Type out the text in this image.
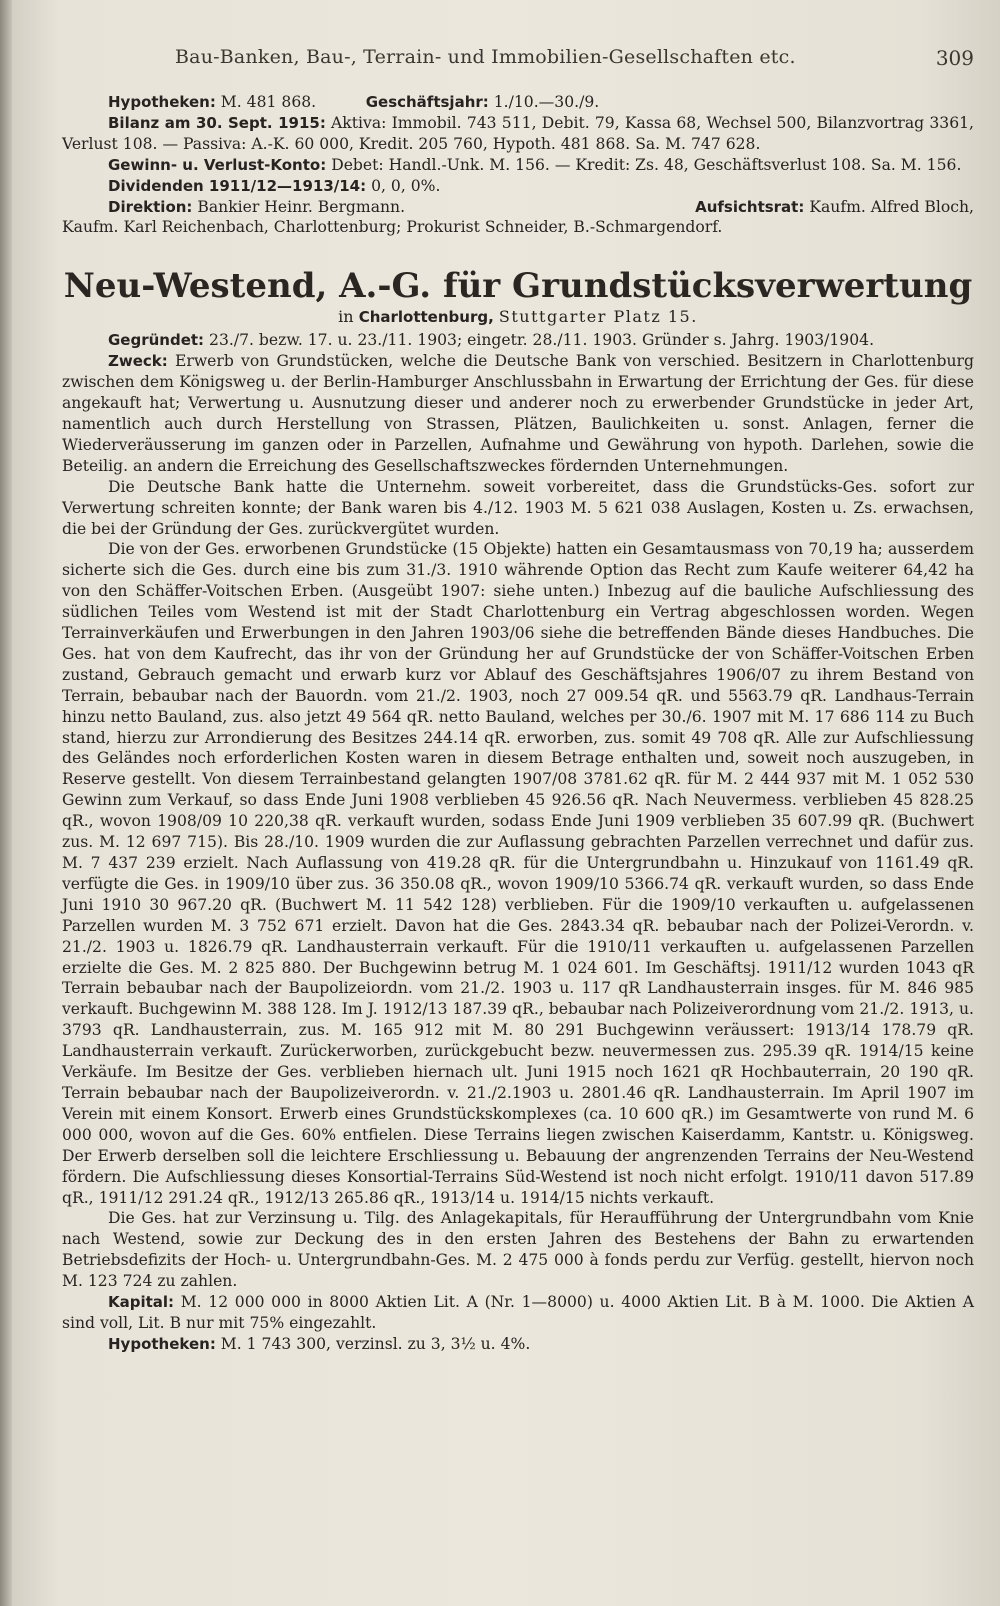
Bau-Banken, Bau-, Terrain- und Immobilien-Gesellschaften etc.	309

Hypotheken: M. 481 868.	Geschäftsjahr: 1./10.—30./9.

Bilanz am 30. Sept. 1915: Aktiva: Immobil. 743 511, Debit. 79, Kassa 68, Wechsel 500, Bilanzvortrag 3361, Verlust 108. — Passiva: A.-K. 60 000, Kredit. 205 760, Hypoth. 481 868. Sa. M. 747 628.

Gewinn- u. Verlust-Konto: Debet: Handl.-Unk. M. 156. — Kredit: Zs. 48, Geschäftsverlust 108. Sa. M. 156.

Dividenden 1911/12—1913/14: 0, 0, 0%.

Direktion: Bankier Heinr. Bergmann.	Aufsichtsrat: Kaufm. Alfred Bloch,

Kaufm. Karl Reichenbach, Charlottenburg; Prokurist Schneider, B.-Schmargendorf.

Neu-Westend, A.-G. für Grundstücksverwertung

in Charlottenburg, Stuttgarter Platz 15.

Gegründet: 23./7. bezw. 17. u. 23./11. 1903; eingetr. 28./11. 1903. Gründer s. Jahrg. 1903/1904.

Zweck: Erwerb von Grundstücken, welche die Deutsche Bank von verschied. Besitzern in Charlottenburg zwischen dem Königsweg u. der Berlin-Hamburger Anschlussbahn in Erwartung der Errichtung der Ges. für diese angekauft hat; Verwertung u. Ausnutzung dieser und anderer noch zu erwerbender Grundstücke in jeder Art, namentlich auch durch Herstellung von Strassen, Plätzen, Baulichkeiten u. sonst. Anlagen, ferner die Wiederveräusserung im ganzen oder in Parzellen, Aufnahme und Gewährung von hypoth. Darlehen, sowie die Beteilig. an andern die Erreichung des Gesellschaftszweckes fördernden Unternehmungen.

Die Deutsche Bank hatte die Unternehm. soweit vorbereitet, dass die Grundstücks-Ges. sofort zur Verwertung schreiten konnte; der Bank waren bis 4./12. 1903 M. 5 621 038 Auslagen, Kosten u. Zs. erwachsen, die bei der Gründung der Ges. zurückvergütet wurden.

Die von der Ges. erworbenen Grundstücke (15 Objekte) hatten ein Gesamtausmass von 70,19 ha; ausserdem sicherte sich die Ges. durch eine bis zum 31./3. 1910 währende Option das Recht zum Kaufe weiterer 64,42 ha von den Schäffer-Voitschen Erben. (Ausgeübt 1907: siehe unten.) Inbezug auf die bauliche Aufschliessung des südlichen Teiles vom Westend ist mit der Stadt Charlottenburg ein Vertrag abgeschlossen worden. Wegen Terrainverkäufen und Erwerbungen in den Jahren 1903/06 siehe die betreffenden Bände dieses Handbuches. Die Ges. hat von dem Kaufrecht, das ihr von der Gründung her auf Grundstücke der von Schäffer-Voitschen Erben zustand, Gebrauch gemacht und erwarb kurz vor Ablauf des Geschäftsjahres 1906/07 zu ihrem Bestand von Terrain, bebaubar nach der Bauordn. vom 21./2. 1903, noch 27 009.54 qR. und 5563.79 qR. Landhaus-Terrain hinzu netto Bauland, zus. also jetzt 49 564 qR. netto Bauland, welches per 30./6. 1907 mit M. 17 686 114 zu Buch stand, hierzu zur Arrondierung des Besitzes 244.14 qR. erworben, zus. somit 49 708 qR. Alle zur Aufschliessung des Geländes noch erforderlichen Kosten waren in diesem Betrage enthalten und, soweit noch auszugeben, in Reserve gestellt. Von diesem Terrainbestand gelangten 1907/08 3781.62 qR. für M. 2 444 937 mit M. 1 052 530 Gewinn zum Verkauf, so dass Ende Juni 1908 verblieben 45 926.56 qR. Nach Neuvermess. verblieben 45 828.25 qR., wovon 1908/09 10 220,38 qR. verkauft wurden, sodass Ende Juni 1909 verblieben 35 607.99 qR. (Buchwert zus. M. 12 697 715). Bis 28./10. 1909 wurden die zur Auflassung gebrachten Parzellen verrechnet und dafür zus. M. 7 437 239 erzielt. Nach Auflassung von 419.28 qR. für die Untergrundbahn u. Hinzukauf von 1161.49 qR. verfügte die Ges. in 1909/10 über zus. 36 350.08 qR., wovon 1909/10 5366.74 qR. verkauft wurden, so dass Ende Juni 1910 30 967.20 qR. (Buchwert M. 11 542 128) verblieben. Für die 1909/10 verkauften u. aufgelassenen Parzellen wurden M. 3 752 671 erzielt. Davon hat die Ges. 2843.34 qR. bebaubar nach der Polizei-Verordn. v. 21./2. 1903 u. 1826.79 qR. Landhausterrain verkauft. Für die 1910/11 verkauften u. aufgelassenen Parzellen erzielte die Ges. M. 2 825 880. Der Buchgewinn betrug M. 1 024 601. Im Geschäftsj. 1911/12 wurden 1043 qR Terrain bebaubar nach der Baupolizeiordn. vom 21./2. 1903 u. 117 qR Landhausterrain insges. für M. 846 985 verkauft. Buchgewinn M. 388 128. Im J. 1912/13 187.39 qR., bebaubar nach Polizeiverordnung vom 21./2. 1913, u. 3793 qR. Landhausterrain, zus. M. 165 912 mit M. 80 291 Buchgewinn veräussert: 1913/14 178.79 qR. Landhausterrain verkauft. Zurückerworben, zurückgebucht bezw. neuvermessen zus. 295.39 qR. 1914/15 keine Verkäufe. Im Besitze der Ges. verblieben hiernach ult. Juni 1915 noch 1621 qR Hochbauterrain, 20 190 qR. Terrain bebaubar nach der Baupolizeiverordn. v. 21./2.1903 u. 2801.46 qR. Landhausterrain. Im April 1907 im Verein mit einem Konsort. Erwerb eines Grundstückskomplexes (ca. 10 600 qR.) im Gesamtwerte von rund M. 6 000 000, wovon auf die Ges. 60% entfielen. Diese Terrains liegen zwischen Kaiserdamm, Kantstr. u. Königsweg. Der Erwerb derselben soll die leichtere Erschliessung u. Bebauung der angrenzenden Terrains der Neu-Westend fördern. Die Aufschliessung dieses Konsortial-Terrains Süd-Westend ist noch nicht erfolgt. 1910/11 davon 517.89 qR., 1911/12 291.24 qR., 1912/13 265.86 qR., 1913/14 u. 1914/15 nichts verkauft.

Die Ges. hat zur Verzinsung u. Tilg. des Anlagekapitals, für Heraufführung der Untergrundbahn vom Knie nach Westend, sowie zur Deckung des in den ersten Jahren des Bestehens der Bahn zu erwartenden Betriebsdefizits der Hoch- u. Untergrundbahn-Ges. M. 2 475 000 à fonds perdu zur Verfüg. gestellt, hiervon noch M. 123 724 zu zahlen.

Kapital: M. 12 000 000 in 8000 Aktien Lit. A (Nr. 1—8000) u. 4000 Aktien Lit. B à M. 1000. Die Aktien A sind voll, Lit. B nur mit 75% eingezahlt.

Hypotheken: M. 1 743 300, verzinsl. zu 3, 3½ u. 4%.
